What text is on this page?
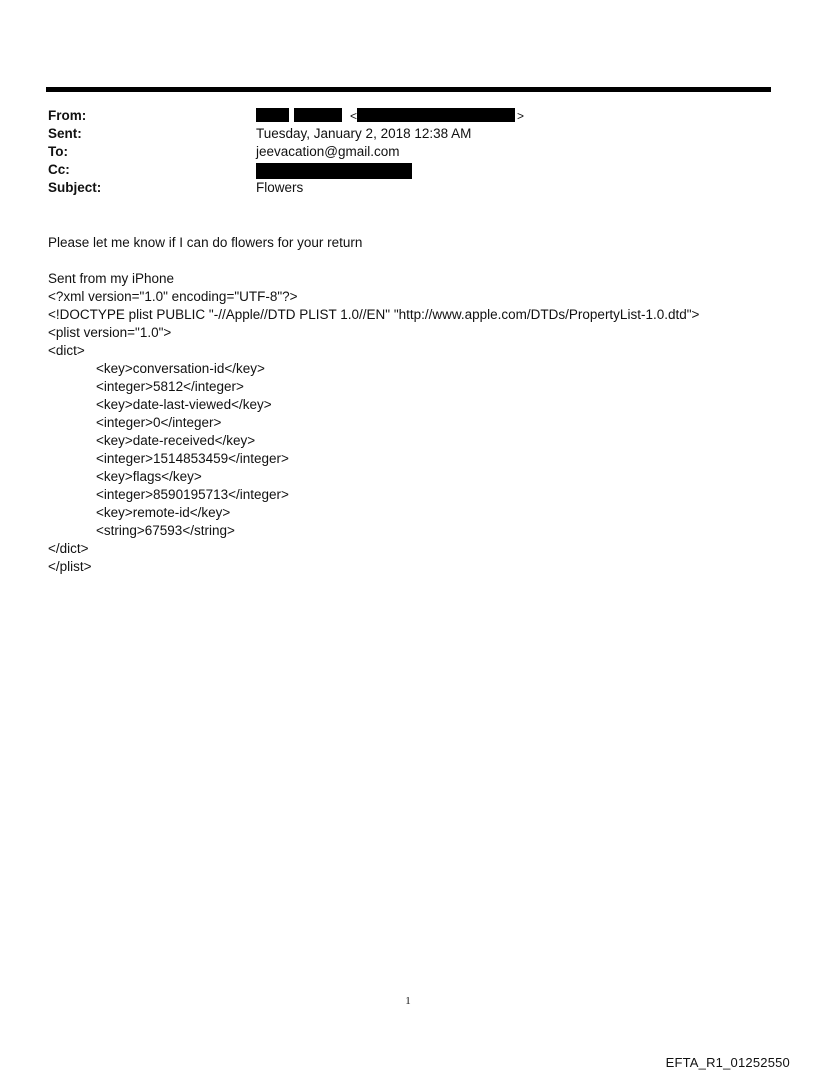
From:	<	>
Sent:	Tuesday, January 2, 2018 12:38 AM
To:	jeevacation@gmail.com
Cc:
Subject:	Flowers
Please let me know if I can do flowers for your return
Sent from my iPhone
<?xml version="1.0" encoding="UTF-8"?>
<!DOCTYPE plist PUBLIC "-//Apple//DTD PLIST 1.0//EN" "http://www.apple.com/DTDs/PropertyList-1.0.dtd">
<plist version="1.0">
<dict>
<key>conversation-id</key>
<integer>5812</integer>
<key>date-last-viewed</key>
<integer>0</integer>
<key>date-received</key>
<integer>1514853459</integer>
<key>flags</key>
<integer>8590195713</integer>
<key>remote-id</key>
<string>67593</string>
</dict>
</plist>
1
EFTA_R1_01252550
